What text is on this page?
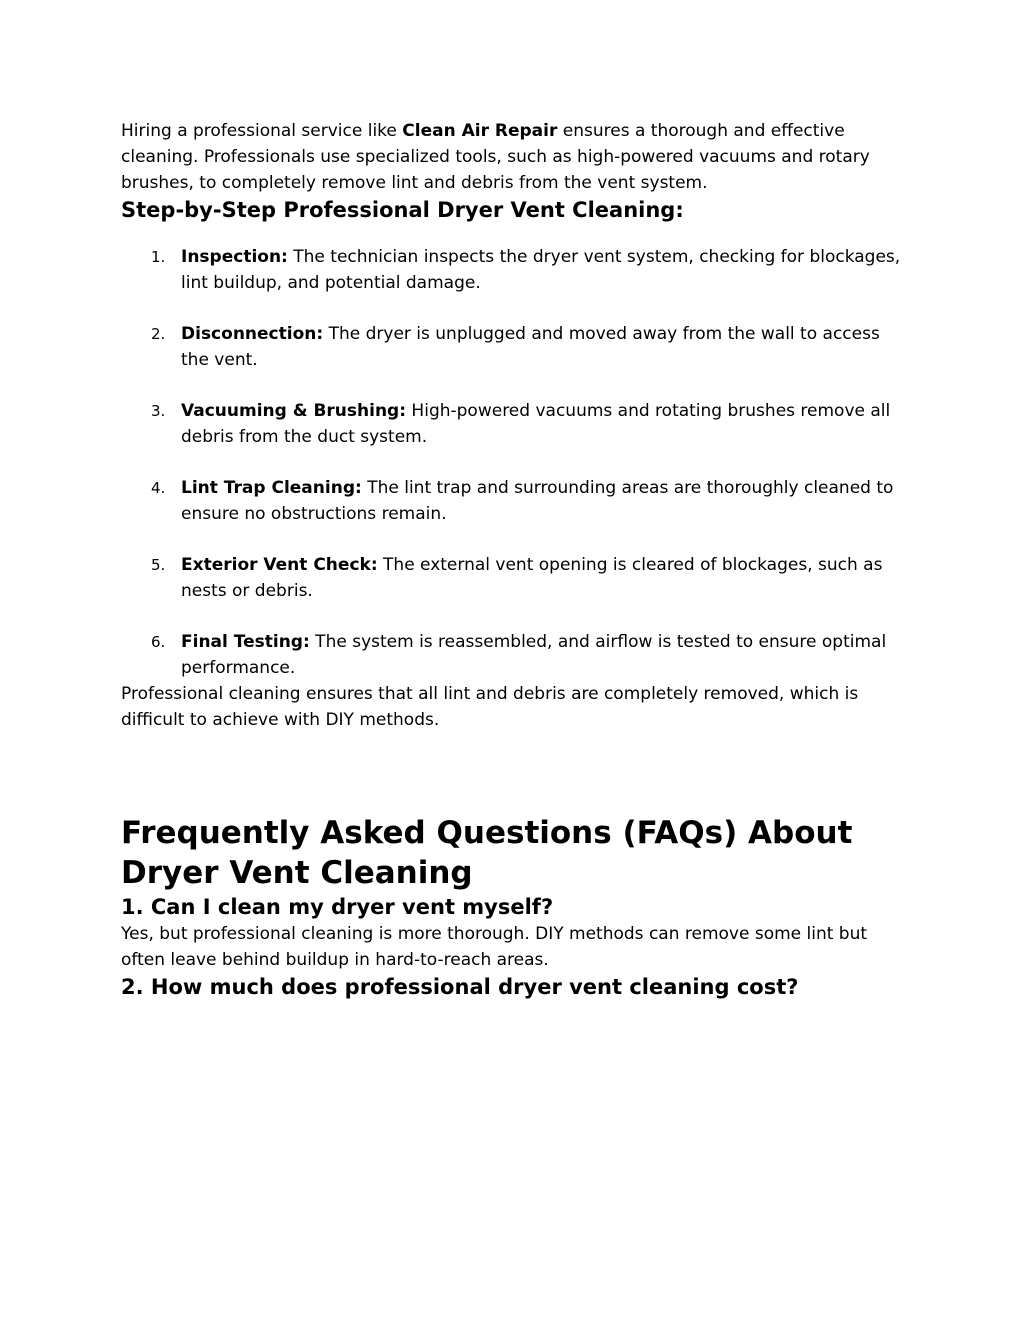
Hiring a professional service like Clean Air Repair ensures a thorough and effective cleaning. Professionals use specialized tools, such as high-powered vacuums and rotary brushes, to completely remove lint and debris from the vent system.

Step-by-Step Professional Dryer Vent Cleaning:
1. Inspection: The technician inspects the dryer vent system, checking for blockages, lint buildup, and potential damage.
2. Disconnection: The dryer is unplugged and moved away from the wall to access the vent.
3. Vacuuming & Brushing: High-powered vacuums and rotating brushes remove all debris from the duct system.
4. Lint Trap Cleaning: The lint trap and surrounding areas are thoroughly cleaned to ensure no obstructions remain.
5. Exterior Vent Check: The external vent opening is cleared of blockages, such as nests or debris.
6. Final Testing: The system is reassembled, and airflow is tested to ensure optimal performance.

Professional cleaning ensures that all lint and debris are completely removed, which is difficult to achieve with DIY methods.

Frequently Asked Questions (FAQs) About Dryer Vent Cleaning
1. Can I clean my dryer vent myself?

Yes, but professional cleaning is more thorough. DIY methods can remove some lint but often leave behind buildup in hard-to-reach areas.

2. How much does professional dryer vent cleaning cost?
